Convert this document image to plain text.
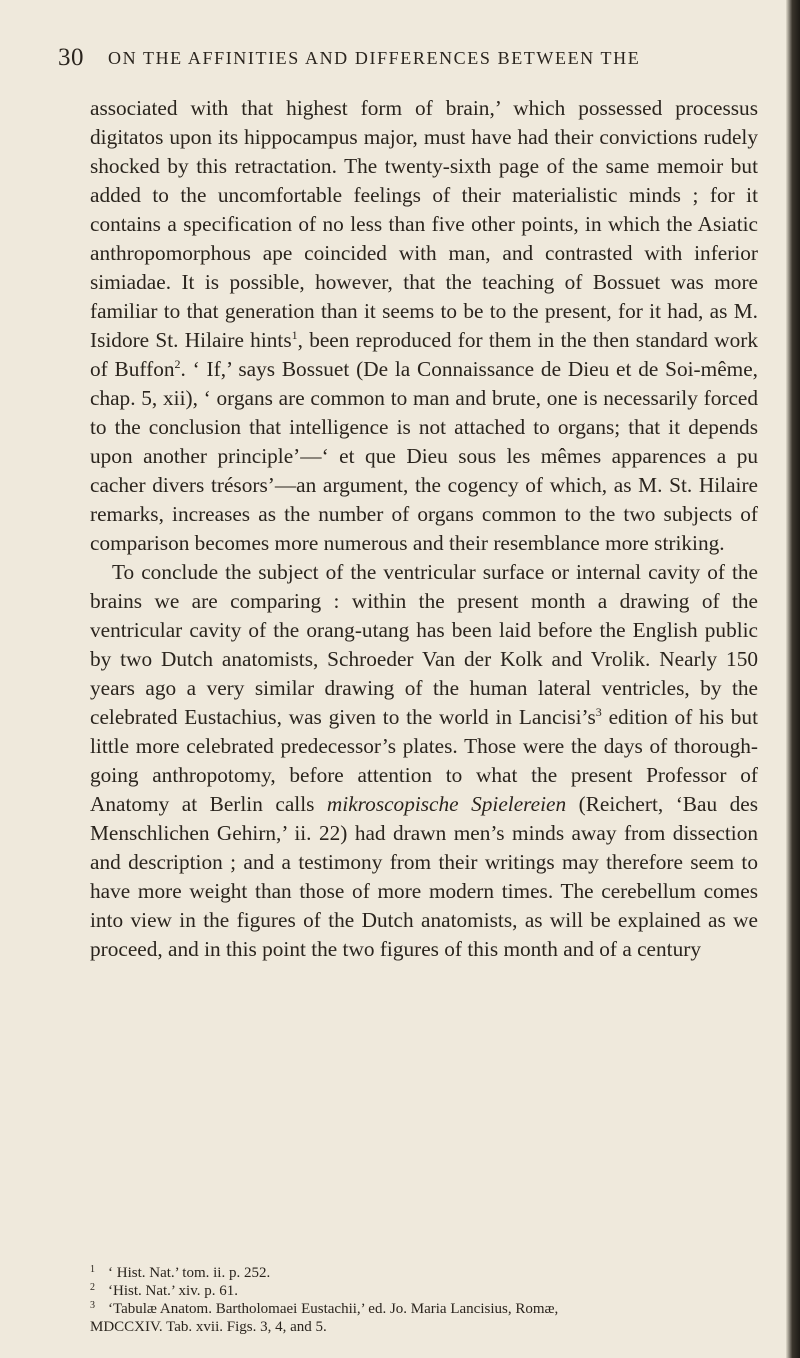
30 ON THE AFFINITIES AND DIFFERENCES BETWEEN THE

associated with that highest form of brain,’ which possessed processus digitatos upon its hippocampus major, must have had their convictions rudely shocked by this retractation. The twenty-sixth page of the same memoir but added to the uncomfortable feelings of their materialistic minds ; for it contains a specification of no less than five other points, in which the Asiatic anthropomorphous ape coincided with man, and contrasted with inferior simiadae. It is possible, however, that the teaching of Bossuet was more familiar to that generation than it seems to be to the present, for it had, as M. Isidore St. Hilaire hints$^1$, been reproduced for them in the then standard work of Buffon$^2$. ‘ If,’ says Bossuet (De la Connaissance de Dieu et de Soi-même, chap. 5, xii), ‘ organs are common to man and brute, one is necessarily forced to the conclusion that intelligence is not attached to organs; that it depends upon another principle’—‘ et que Dieu sous les mêmes apparences a pu cacher divers trésors’—an argument, the cogency of which, as M. St. Hilaire remarks, increases as the number of organs common to the two subjects of comparison becomes more numerous and their resemblance more striking.

To conclude the subject of the ventricular surface or internal cavity of the brains we are comparing : within the present month a drawing of the ventricular cavity of the orang-utang has been laid before the English public by two Dutch anatomists, Schroeder Van der Kolk and Vrolik. Nearly 150 years ago a very similar drawing of the human lateral ventricles, by the celebrated Eustachius, was given to the world in $Lancisi’s^3$ edition of his but little more celebrated predecessor’s plates. Those were the days of thorough-going anthropotomy, before attention to what the present Professor of Anatomy at Berlin calls mikroscopische Spielereien (Reichert, ‘Bau des Menschlichen Gehirn,’ ii. 22) had drawn men’s minds away from dissection and description ; and a testimony from their writings may therefore seem to have more weight than those of more modern times. The cerebellum comes into view in the figures of the Dutch anatomists, as will be explained as we proceed, and in this point the two figures of this month and of a century

1 ‘ Hist. Nat.’ tom. ii. p. 252.

2 ‘Hist. Nat.’ xiv. p. 61.

3 ‘Tabulæ Anatom. Bartholomaei Eustachii,’ ed. Jo. Maria Lancisius, Romæ,

MDCCXIV. Tab. xvii. Figs. 3, 4, and 5.
